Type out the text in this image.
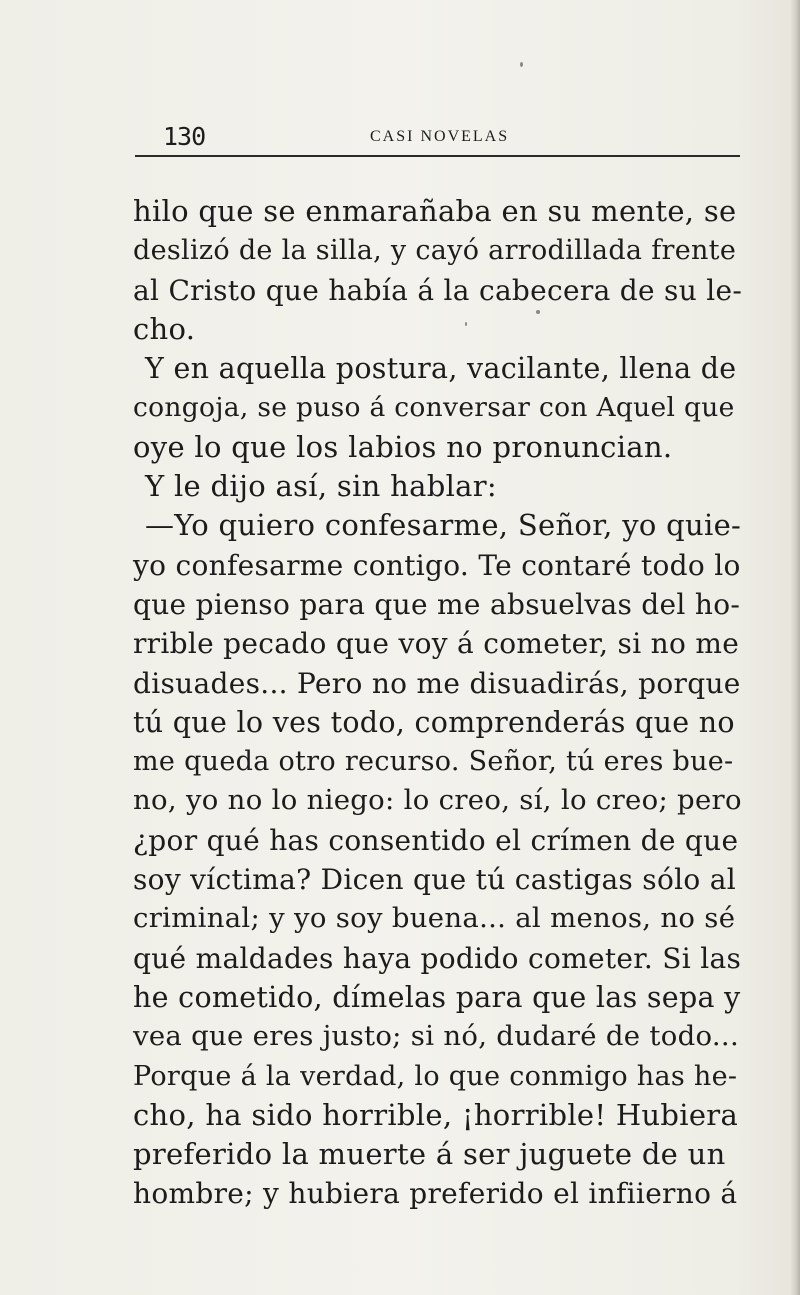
130	CASI NOVELAS
hilo que se enmarañaba en su mente, se
deslizó de la silla, y cayó arrodillada frente
al Cristo que había á la cabecera de su le-
cho.
Y en aquella postura, vacilante, llena de
congoja, se puso á conversar con Aquel que
oye lo que los labios no pronuncian.
Y le dijo así, sin hablar:
—Yo quiero confesarme, Señor, yo quie-
yo confesarme contigo. Te contaré todo lo
que pienso para que me absuelvas del ho-
rrible pecado que voy á cometer, si no me
disuades... Pero no me disuadirás, porque
tú que lo ves todo, comprenderás que no
me queda otro recurso. Señor, tú eres bue-
no, yo no lo niego: lo creo, sí, lo creo; pero
¿por qué has consentido el crímen de que
soy víctima? Dicen que tú castigas sólo al
criminal; y yo soy buena... al menos, no sé
qué maldades haya podido cometer. Si las
he cometido, dímelas para que las sepa y
vea que eres justo; si nó, dudaré de todo...
Porque á la verdad, lo que conmigo has he-
cho, ha sido horrible, ¡horrible! Hubiera
preferido la muerte á ser juguete de un
hombre; y hubiera preferido el infiierno á
